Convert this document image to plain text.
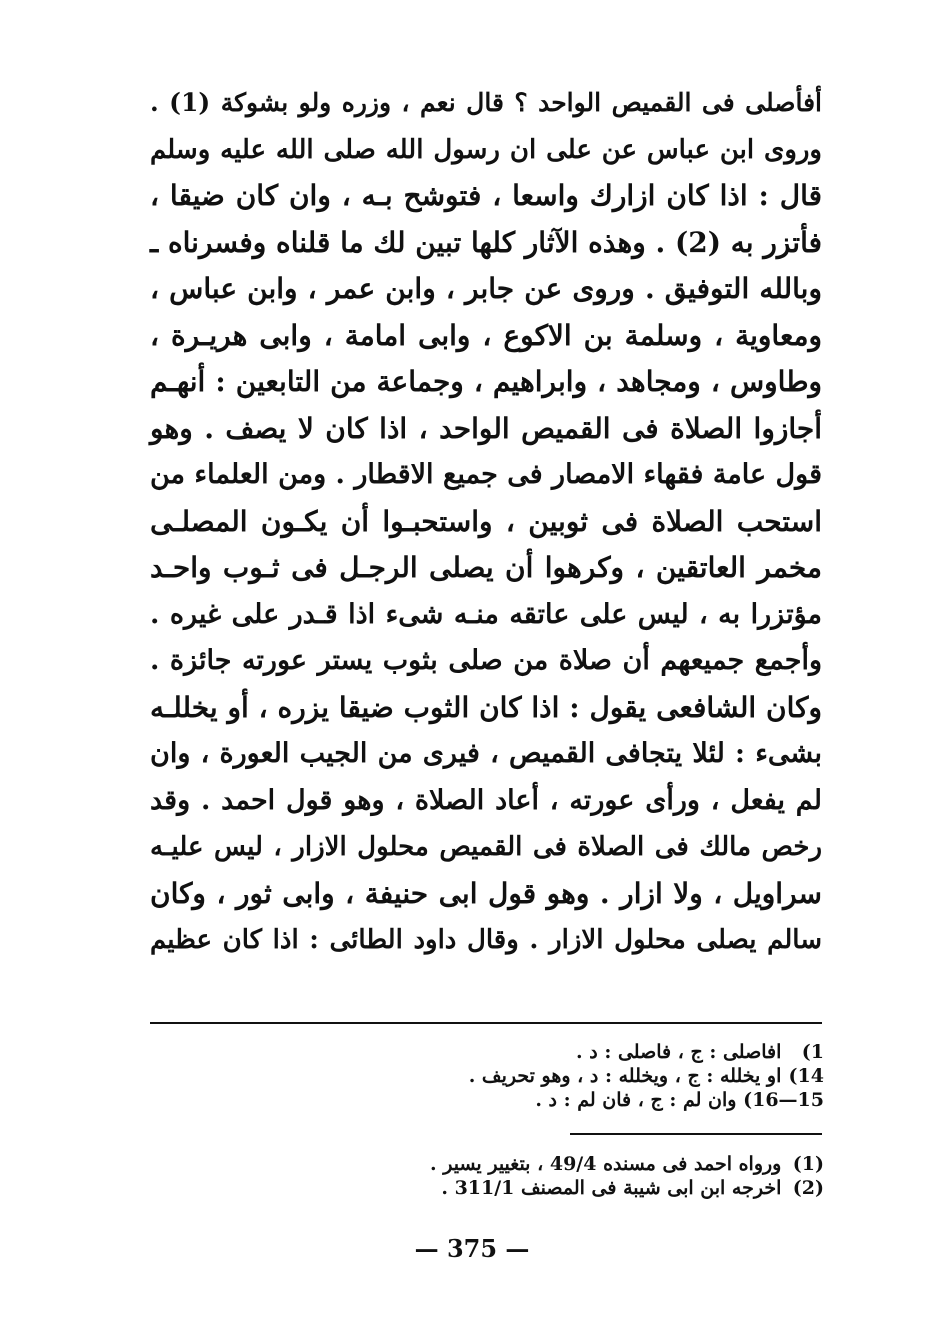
أفأصلى فى القميص الواحد ؟ قال نعم ، وزره ولو بشوكة (1) .
وروى ابن عباس عن على ان رسول الله صلى الله عليه وسلم
قال : اذا كان ازارك واسعا ، فتوشح بـه ، وان كان ضيقا ،
فأتزر به (2) . وهذه الآثار كلها تبين لك ما قلناه وفسرناه ـ
وبالله التوفيق . وروى عن جابر ، وابن عمر ، وابن عباس ،
ومعاوية ، وسلمة بن الاكوع ، وابى امامة ، وابى هريـرة ،
وطاوس ، ومجاهد ، وابراهيم ، وجماعة من التابعين : أنهـم
أجازوا الصلاة فى القميص الواحد ، اذا كان لا يصف . وهو
قول عامة فقهاء الامصار فى جميع الاقطار . ومن العلماء من
استحب الصلاة فى ثوبين ، واستحبـوا أن يكـون المصلـى
مخمر العاتقين ، وكرهوا أن يصلى الرجـل فى ثـوب واحـد
مؤتزرا به ، ليس على عاتقه منـه شىء اذا قـدر على غيره .
وأجمع جميعهم أن صلاة من صلى بثوب يستر عورته جائزة .
وكان الشافعى يقول : اذا كان الثوب ضيقا يزره ، أو يخللـه
بشىء : لئلا يتجافى القميص ، فيرى من الجيب العورة ، وان
لم يفعل ، ورأى عورته ، أعاد الصلاة ، وهو قول احمد . وقد
رخص مالك فى الصلاة فى القميص محلول الازار ، ليس عليـه
سراويل ، ولا ازار . وهو قول ابى حنيفة ، وابى ثور ، وكان
سالم يصلى محلول الازار . وقال داود الطائى : اذا كان عظيم
1) افاصلى : ج ، فاصلى : د .
14) او يخلله : ج ، ويخلله : د ، وهو تحريف .
15—16) وان لم : ج ، فان لم : د .
(1) ورواه احمد فى مسنده 49/4 ، بتغيير يسير .
(2) اخرجه ابن ابى شيبة فى المصنف 311/1 .
— 375 —
